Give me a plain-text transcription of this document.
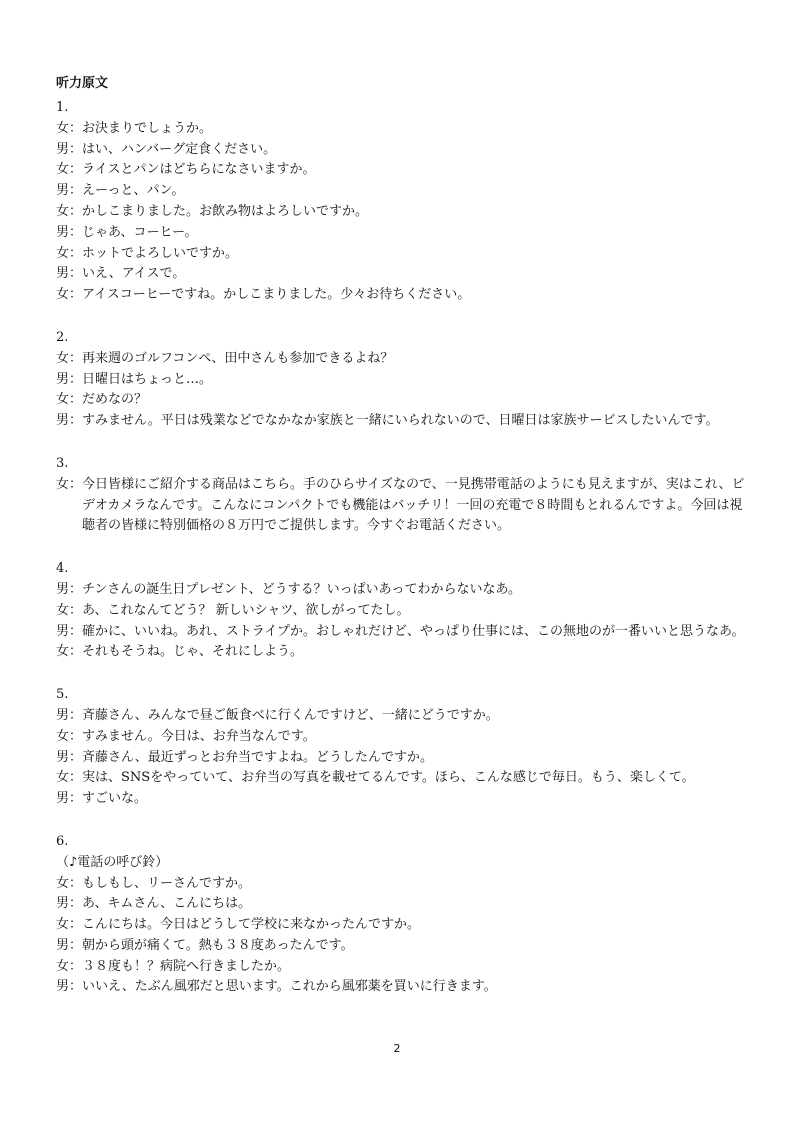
听力原文
1.
女： お決まりでしょうか。
男： はい、ハンバーグ定食ください。
女： ライスとパンはどちらになさいますか。
男： えーっと、パン。
女： かしこまりました。お飲み物はよろしいですか。
男： じゃあ、コーヒー。
女： ホットでよろしいですか。
男： いえ、アイスで。
女： アイスコーヒーですね。かしこまりました。少々お待ちください。
2.
女： 再来週のゴルフコンペ、田中さんも参加できるよね？
男： 日曜日はちょっと…。
女： だめなの？
男： すみません。平日は残業などでなかなか家族と一緒にいられないので、日曜日は家族サービスしたいんです。
3.
女： 今日皆様にご紹介する商品はこちら。手のひらサイズなので、一見携帯電話のようにも見えますが、実はこれ、ビデオカメラなんです。こんなにコンパクトでも機能はバッチリ！一回の充電で８時間もとれるんですよ。今回は視聴者の皆様に特別価格の８万円でご提供します。今すぐお電話ください。
4.
男： チンさんの誕生日プレゼント、どうする？いっぱいあってわからないなあ。
女： あ、これなんてどう？ 新しいシャツ、欲しがってたし。
男： 確かに、いいね。あれ、ストライプか。おしゃれだけど、やっぱり仕事には、この無地のが一番いいと思うなあ。
女： それもそうね。じゃ、それにしよう。
5.
男： 斉藤さん、みんなで昼ご飯食べに行くんですけど、一緒にどうですか。
女： すみません。今日は、お弁当なんです。
男： 斉藤さん、最近ずっとお弁当ですよね。どうしたんですか。
女： 実は、SNSをやっていて、お弁当の写真を載せてるんです。ほら、こんな感じで毎日。もう、楽しくて。
男： すごいな。
6.
（♪電話の呼び鈴）
女： もしもし、リーさんですか。
男： あ、キムさん、こんにちは。
女： こんにちは。今日はどうして学校に来なかったんですか。
男： 朝から頭が痛くて。熱も３８度あったんです。
女： ３８度も！？病院へ行きましたか。
男： いいえ、たぶん風邪だと思います。これから風邪薬を買いに行きます。
2
